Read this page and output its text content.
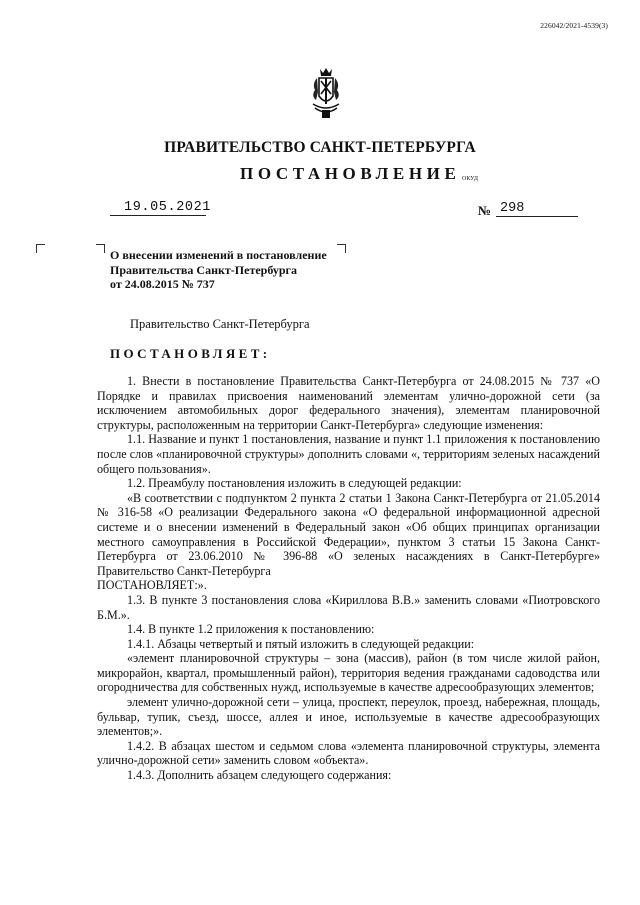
226042/2021-4539(3)
ПРАВИТЕЛЬСТВО САНКТ-ПЕТЕРБУРГА
ПОСТАНОВЛЕНИЕ ОКУД
19.05.2021	№ 298
О внесении изменений в постановление
Правительства Санкт-Петербурга
от 24.08.2015 № 737
Правительство Санкт-Петербурга
ПОСТАНОВЛЯЕТ:

1. Внести в постановление Правительства Санкт-Петербурга от 24.08.2015 № 737 «О Порядке и правилах присвоения наименований элементам улично-дорожной сети (за исключением автомобильных дорог федерального значения), элементам планировочной структуры, расположенным на территории Санкт-Петербурга» следующие изменения:

1.1. Название и пункт 1 постановления, название и пункт 1.1 приложения к постановлению после слов «планировочной структуры» дополнить словами «, территориям зеленых насаждений общего пользования».

1.2. Преамбулу постановления изложить в следующей редакции:

«В соответствии с подпунктом 2 пункта 2 статьи 1 Закона Санкт-Петербурга от 21.05.2014 № 316-58 «О реализации Федерального закона «О федеральной информационной адресной системе и о внесении изменений в Федеральный закон «Об общих принципах организации местного самоуправления в Российской Федерации», пунктом 3 статьи 15 Закона Санкт-Петербурга от 23.06.2010 № 396-88 «О зеленых насаждениях в Санкт-Петербурге» Правительство Санкт-Петербурга

ПОСТАНОВЛЯЕТ:».

1.3. В пункте 3 постановления слова «Кириллова В.В.» заменить словами «Пиотровского Б.М.».

1.4. В пункте 1.2 приложения к постановлению:

1.4.1. Абзацы четвертый и пятый изложить в следующей редакции:

«элемент планировочной структуры – зона (массив), район (в том числе жилой район, микрорайон, квартал, промышленный район), территория ведения гражданами садоводства или огородничества для собственных нужд, используемые в качестве адресообразующих элементов;

элемент улично-дорожной сети – улица, проспект, переулок, проезд, набережная, площадь, бульвар, тупик, съезд, шоссе, аллея и иное, используемые в качестве адресообразующих элементов;».

1.4.2. В абзацах шестом и седьмом слова «элемента планировочной структуры, элемента улично-дорожной сети» заменить словом «объекта».

1.4.3. Дополнить абзацем следующего содержания:
